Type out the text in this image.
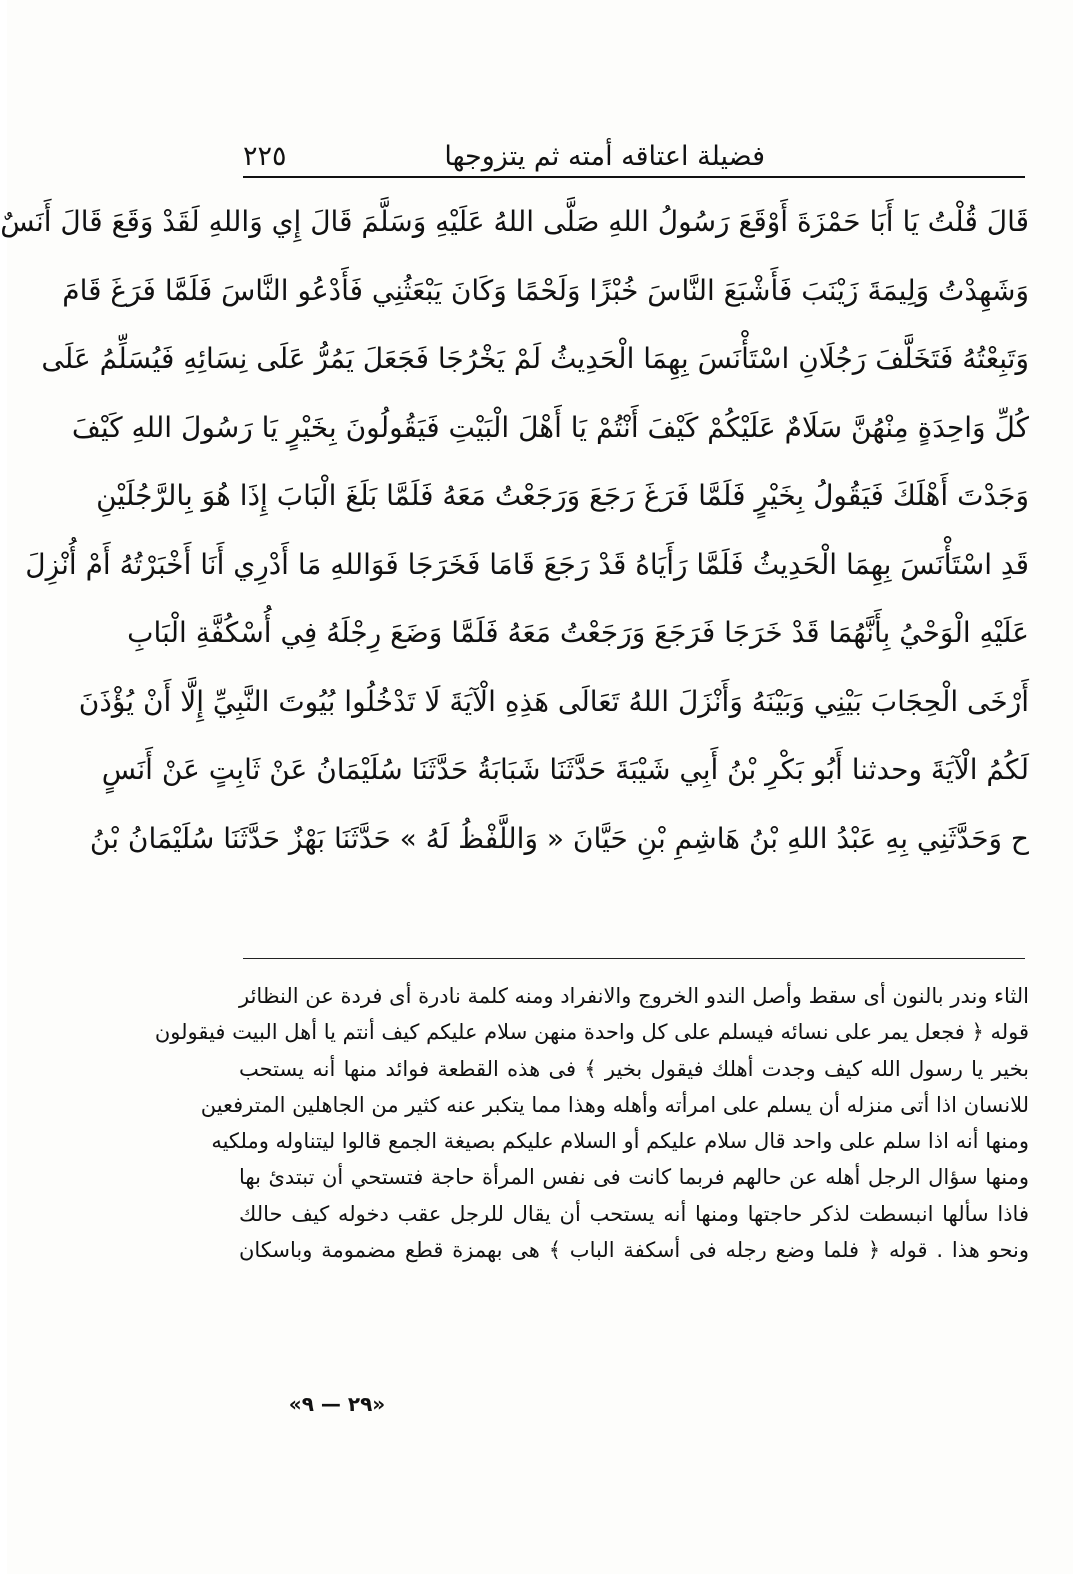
فضيلة اعتاقه أمته ثم يتزوجها
٢٢٥
قَالَ قُلْتُ يَا أَبَا حَمْزَةَ أَوْقَعَ رَسُولُ اللهِ صَلَّى اللهُ عَلَيْهِ وَسَلَّمَ قَالَ إِي وَاللهِ لَقَدْ وَقَعَ قَالَ أَنَسٌ
وَشَهِدْتُ وَلِيمَةَ زَيْنَبَ فَأَشْبَعَ النَّاسَ خُبْزًا وَلَحْمًا وَكَانَ يَبْعَثُنِي فَأَدْعُو النَّاسَ فَلَمَّا فَرَغَ قَامَ
وَتَبِعْتُهُ فَتَخَلَّفَ رَجُلَانِ اسْتَأْنَسَ بِهِمَا الْحَدِيثُ لَمْ يَخْرُجَا فَجَعَلَ يَمُرُّ عَلَى نِسَائِهِ فَيُسَلِّمُ عَلَى
كُلِّ وَاحِدَةٍ مِنْهُنَّ سَلَامٌ عَلَيْكُمْ كَيْفَ أَنْتُمْ يَا أَهْلَ الْبَيْتِ فَيَقُولُونَ بِخَيْرٍ يَا رَسُولَ اللهِ كَيْفَ
وَجَدْتَ أَهْلَكَ فَيَقُولُ بِخَيْرٍ فَلَمَّا فَرَغَ رَجَعَ وَرَجَعْتُ مَعَهُ فَلَمَّا بَلَغَ الْبَابَ إِذَا هُوَ بِالرَّجُلَيْنِ
قَدِ اسْتَأْنَسَ بِهِمَا الْحَدِيثُ فَلَمَّا رَأَيَاهُ قَدْ رَجَعَ قَامَا فَخَرَجَا فَوَاللهِ مَا أَدْرِي أَنَا أَخْبَرْتُهُ أَمْ أُنْزِلَ
عَلَيْهِ الْوَحْيُ بِأَنَّهُمَا قَدْ خَرَجَا فَرَجَعَ وَرَجَعْتُ مَعَهُ فَلَمَّا وَضَعَ رِجْلَهُ فِي أُسْكُفَّةِ الْبَابِ
أَرْخَى الْحِجَابَ بَيْنِي وَبَيْنَهُ وَأَنْزَلَ اللهُ تَعَالَى هَذِهِ الْآيَةَ لَا تَدْخُلُوا بُيُوتَ النَّبِيِّ إِلَّا أَنْ يُؤْذَنَ
لَكُمُ الْآيَةَ وحدثنا أَبُو بَكْرِ بْنُ أَبِي شَيْبَةَ حَدَّثَنَا شَبَابَةُ حَدَّثَنَا سُلَيْمَانُ عَنْ ثَابِتٍ عَنْ أَنَسٍ
ح وَحَدَّثَنِي بِهِ عَبْدُ اللهِ بْنُ هَاشِمِ بْنِ حَيَّانَ « وَاللَّفْظُ لَهُ » حَدَّثَنَا بَهْزٌ حَدَّثَنَا سُلَيْمَانُ بْنُ
الثاء وندر بالنون أى سقط وأصل الندو الخروج والانفراد ومنه كلمة نادرة أى فردة عن النظائر
قوله ﴿ فجعل يمر على نسائه فيسلم على كل واحدة منهن سلام عليكم كيف أنتم يا أهل البيت فيقولون
بخير يا رسول الله كيف وجدت أهلك فيقول بخير ﴾ فى هذه القطعة فوائد منها أنه يستحب
للانسان اذا أتى منزله أن يسلم على امرأته وأهله وهذا مما يتكبر عنه كثير من الجاهلين المترفعين
ومنها أنه اذا سلم على واحد قال سلام عليكم أو السلام عليكم بصيغة الجمع قالوا ليتناوله وملكيه
ومنها سؤال الرجل أهله عن حالهم فربما كانت فى نفس المرأة حاجة فتستحي أن تبتدئ بها
فاذا سألها انبسطت لذكر حاجتها ومنها أنه يستحب أن يقال للرجل عقب دخوله كيف حالك
ونحو هذا . قوله ﴿ فلما وضع رجله فى أسكفة الباب ﴾ هى بهمزة قطع مضمومة وباسكان
«٢٩ — ٩»
